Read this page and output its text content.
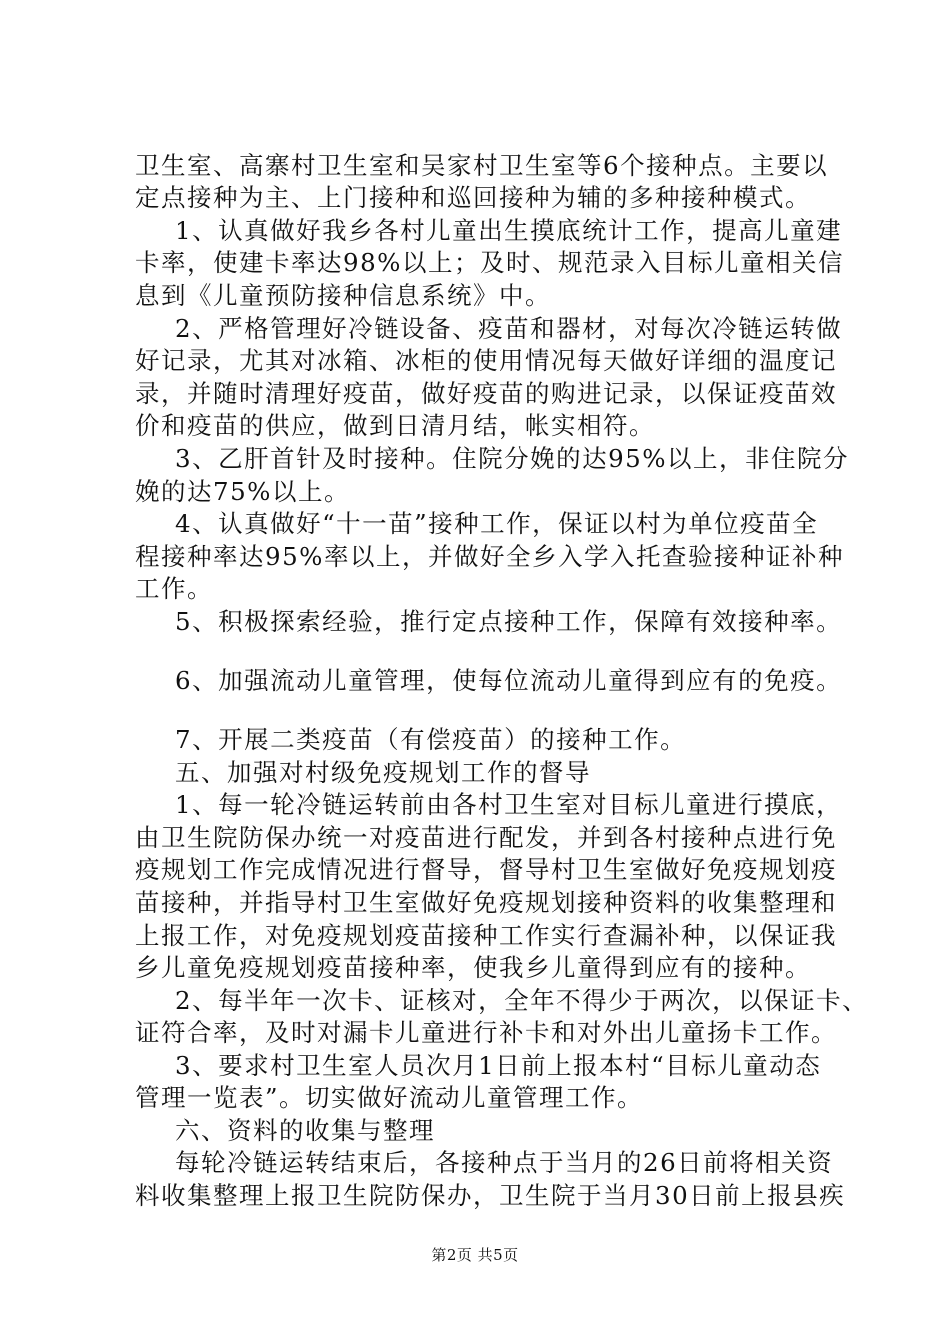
卫生室、高寨村卫生室和吴家村卫生室等6个接种点。主要以
定点接种为主、上门接种和巡回接种为辅的多种接种模式。
1、认真做好我乡各村儿童出生摸底统计工作，提高儿童建
卡率，使建卡率达98%以上；及时、规范录入目标儿童相关信
息到《儿童预防接种信息系统》中。
2、严格管理好冷链设备、疫苗和器材，对每次冷链运转做
好记录，尤其对冰箱、冰柜的使用情况每天做好详细的温度记
录，并随时清理好疫苗，做好疫苗的购进记录，以保证疫苗效
价和疫苗的供应，做到日清月结，帐实相符。
3、乙肝首针及时接种。住院分娩的达95%以上，非住院分
娩的达75%以上。
4、认真做好“十一苗”接种工作，保证以村为单位疫苗全
程接种率达95%率以上，并做好全乡入学入托查验接种证补种
工作。
5、积极探索经验，推行定点接种工作，保障有效接种率。
6、加强流动儿童管理，使每位流动儿童得到应有的免疫。
7、开展二类疫苗（有偿疫苗）的接种工作。
五、加强对村级免疫规划工作的督导
1、每一轮冷链运转前由各村卫生室对目标儿童进行摸底，
由卫生院防保办统一对疫苗进行配发，并到各村接种点进行免
疫规划工作完成情况进行督导，督导村卫生室做好免疫规划疫
苗接种，并指导村卫生室做好免疫规划接种资料的收集整理和
上报工作，对免疫规划疫苗接种工作实行查漏补种，以保证我
乡儿童免疫规划疫苗接种率，使我乡儿童得到应有的接种。
2、每半年一次卡、证核对，全年不得少于两次，以保证卡、
证符合率，及时对漏卡儿童进行补卡和对外出儿童扬卡工作。
3、要求村卫生室人员次月1日前上报本村“目标儿童动态
管理一览表”。切实做好流动儿童管理工作。
六、资料的收集与整理
每轮冷链运转结束后，各接种点于当月的26日前将相关资
料收集整理上报卫生院防保办，卫生院于当月30日前上报县疾
第2页 共5页
